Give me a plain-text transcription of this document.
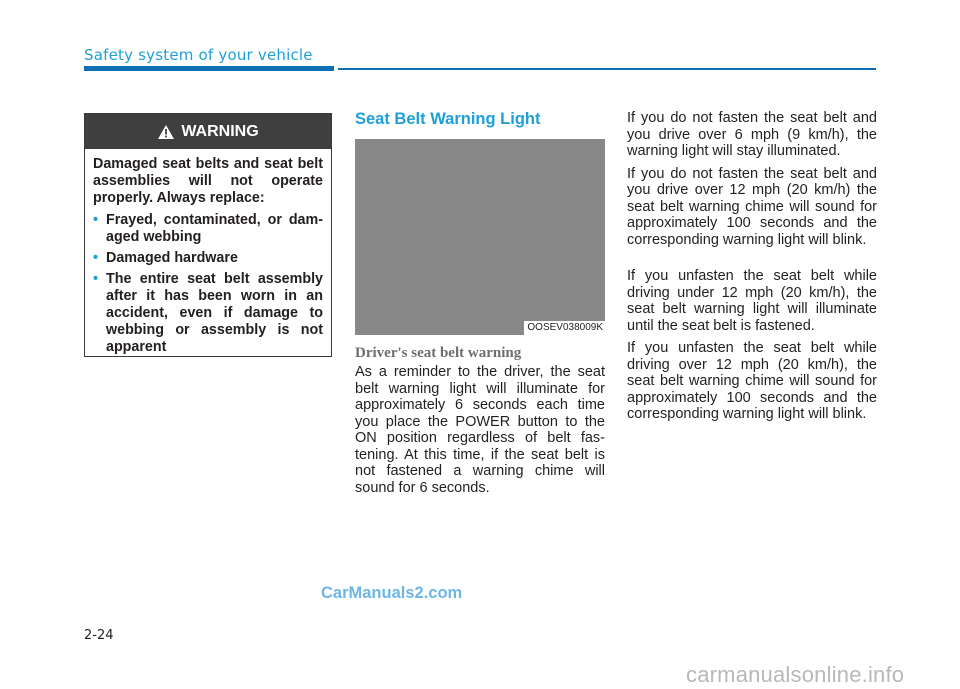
Safety system of your vehicle
WARNING

Damaged seat belts and seat belt assemblies will not operate properly. Always replace:

• Frayed, contaminated, or dam-aged webbing
• Damaged hardware
• The entire seat belt assembly after it has been worn in an accident, even if damage to webbing or assembly is not apparent
Seat Belt Warning Light
OOSEV038009K
Driver's seat belt warning

As a reminder to the driver, the seat belt warning light will illuminate for approximately 6 seconds each time you place the POWER button to the ON position regardless of belt fas-tening. At this time, if the seat belt is not fastened a warning chime will sound for 6 seconds.

If you do not fasten the seat belt and you drive over 6 mph (9 km/h), the warning light will stay illuminated.

If you do not fasten the seat belt and you drive over 12 mph (20 km/h) the seat belt warning chime will sound for approximately 100 seconds and the corresponding warning light will blink.

If you unfasten the seat belt while driving under 12 mph (20 km/h), the seat belt warning light will illuminate until the seat belt is fastened.

If you unfasten the seat belt while driving over 12 mph (20 km/h), the seat belt warning chime will sound for approximately 100 seconds and the corresponding warning light will blink.

CarManuals2.com
2-24
carmanualsonline.info
